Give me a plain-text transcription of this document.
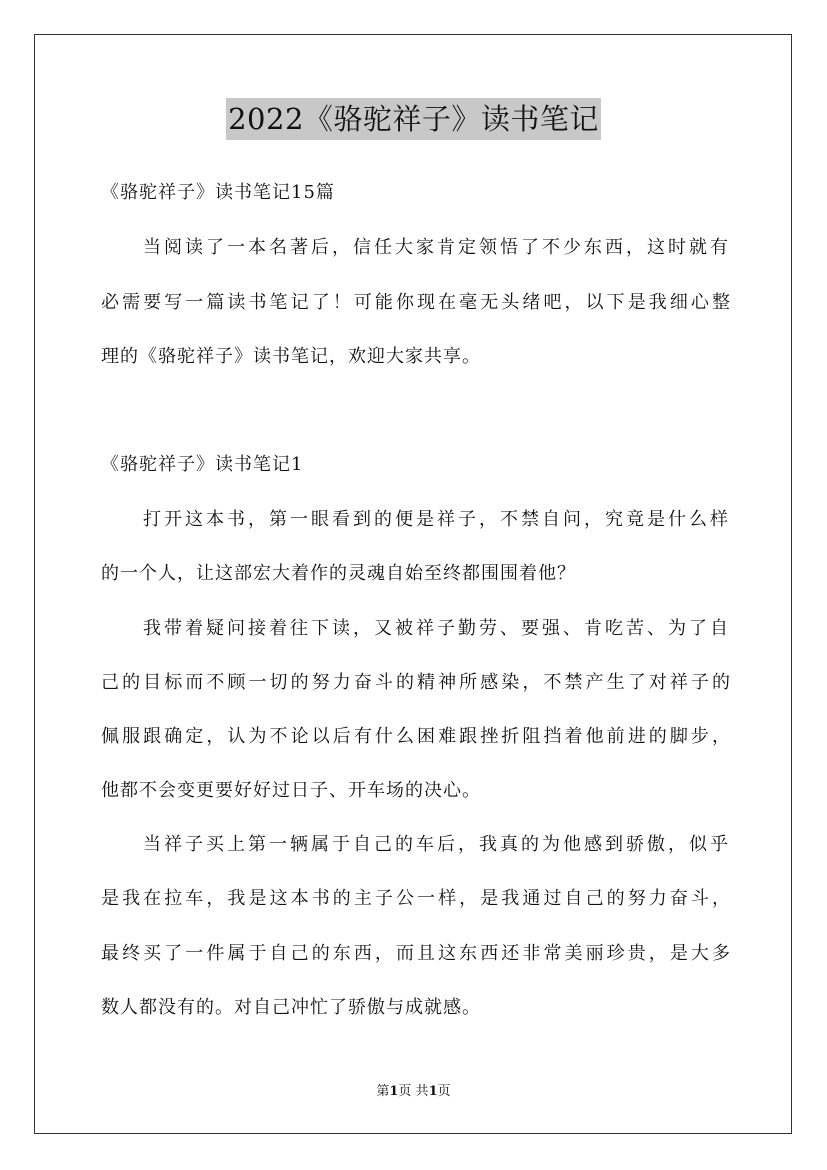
2022《骆驼祥子》读书笔记
《骆驼祥子》读书笔记15篇
当阅读了一本名著后，信任大家肯定领悟了不少东西，这时就有
必需要写一篇读书笔记了！可能你现在毫无头绪吧，以下是我细心整
理的《骆驼祥子》读书笔记，欢迎大家共享。
《骆驼祥子》读书笔记1
打开这本书，第一眼看到的便是祥子，不禁自问，究竟是什么样
的一个人，让这部宏大着作的灵魂自始至终都围围着他？
我带着疑问接着往下读，又被祥子勤劳、要强、肯吃苦、为了自
己的目标而不顾一切的努力奋斗的精神所感染，不禁产生了对祥子的
佩服跟确定，认为不论以后有什么困难跟挫折阻挡着他前进的脚步，
他都不会变更要好好过日子、开车场的决心。
当祥子买上第一辆属于自己的车后，我真的为他感到骄傲，似乎
是我在拉车，我是这本书的主子公一样，是我通过自己的努力奋斗，
最终买了一件属于自己的东西，而且这东西还非常美丽珍贵，是大多
数人都没有的。对自己冲忙了骄傲与成就感。
第1页 共1页
